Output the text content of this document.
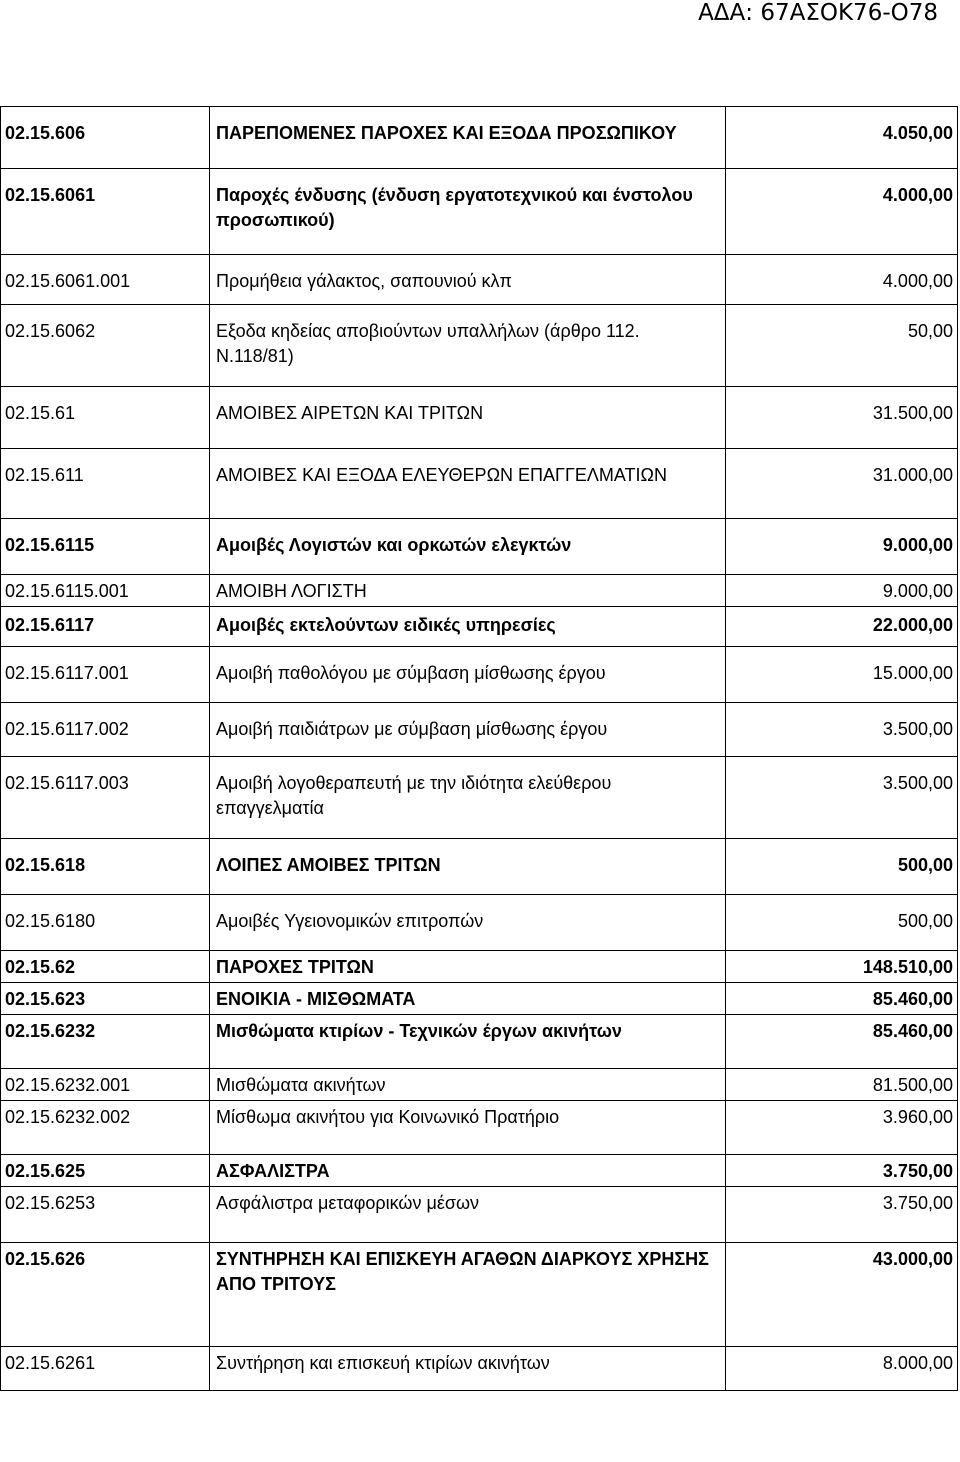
ΑΔΑ: 67ΑΣΟΚ76-Ο78
02.15.606	ΠΑΡΕΠΟΜΕΝΕΣ ΠΑΡΟΧΕΣ ΚΑΙ ΕΞΟΔΑ ΠΡΟΣΩΠΙΚΟΥ	4.050,00
02.15.6061	Παροχές ένδυσης (ένδυση εργατοτεχνικού και ένστολου προσωπικού)	4.000,00
02.15.6061.001	Προμήθεια γάλακτος, σαπουνιού κλπ	4.000,00
02.15.6062	Εξοδα κηδείας αποβιούντων υπαλλήλων (άρθρο 112. Ν.118/81)	50,00
02.15.61	ΑΜΟΙΒΕΣ ΑΙΡΕΤΩΝ ΚΑΙ ΤΡΙΤΩΝ	31.500,00
02.15.611	ΑΜΟΙΒΕΣ ΚΑΙ ΕΞΟΔΑ ΕΛΕΥΘΕΡΩΝ ΕΠΑΓΓΕΛΜΑΤΙΩΝ	31.000,00
02.15.6115	Αμοιβές Λογιστών και ορκωτών ελεγκτών	9.000,00
02.15.6115.001	ΑΜΟΙΒΗ ΛΟΓΙΣΤΗ	9.000,00
02.15.6117	Αμοιβές εκτελούντων ειδικές υπηρεσίες	22.000,00
02.15.6117.001	Αμοιβή παθολόγου με σύμβαση μίσθωσης έργου	15.000,00
02.15.6117.002	Αμοιβή παιδιάτρων με σύμβαση μίσθωσης έργου	3.500,00
02.15.6117.003	Αμοιβή λογοθεραπευτή με την ιδιότητα ελεύθερου επαγγελματία	3.500,00
02.15.618	ΛΟΙΠΕΣ ΑΜΟΙΒΕΣ ΤΡΙΤΩΝ	500,00
02.15.6180	Αμοιβές Υγειονομικών επιτροπών	500,00
02.15.62	ΠΑΡΟΧΕΣ ΤΡΙΤΩΝ	148.510,00
02.15.623	ΕΝΟΙΚΙΑ - ΜΙΣΘΩΜΑΤΑ	85.460,00
02.15.6232	Μισθώματα κτιρίων - Τεχνικών έργων ακινήτων	85.460,00
02.15.6232.001	Μισθώματα ακινήτων	81.500,00
02.15.6232.002	Μίσθωμα ακινήτου για Κοινωνικό Πρατήριο	3.960,00
02.15.625	ΑΣΦΑΛΙΣΤΡΑ	3.750,00
02.15.6253	Ασφάλιστρα μεταφορικών μέσων	3.750,00
02.15.626	ΣΥΝΤΗΡΗΣΗ ΚΑΙ ΕΠΙΣΚΕΥΗ ΑΓΑΘΩΝ ΔΙΑΡΚΟΥΣ ΧΡΗΣΗΣ ΑΠΟ ΤΡΙΤΟΥΣ	43.000,00
02.15.6261	Συντήρηση και επισκευή κτιρίων ακινήτων	8.000,00
